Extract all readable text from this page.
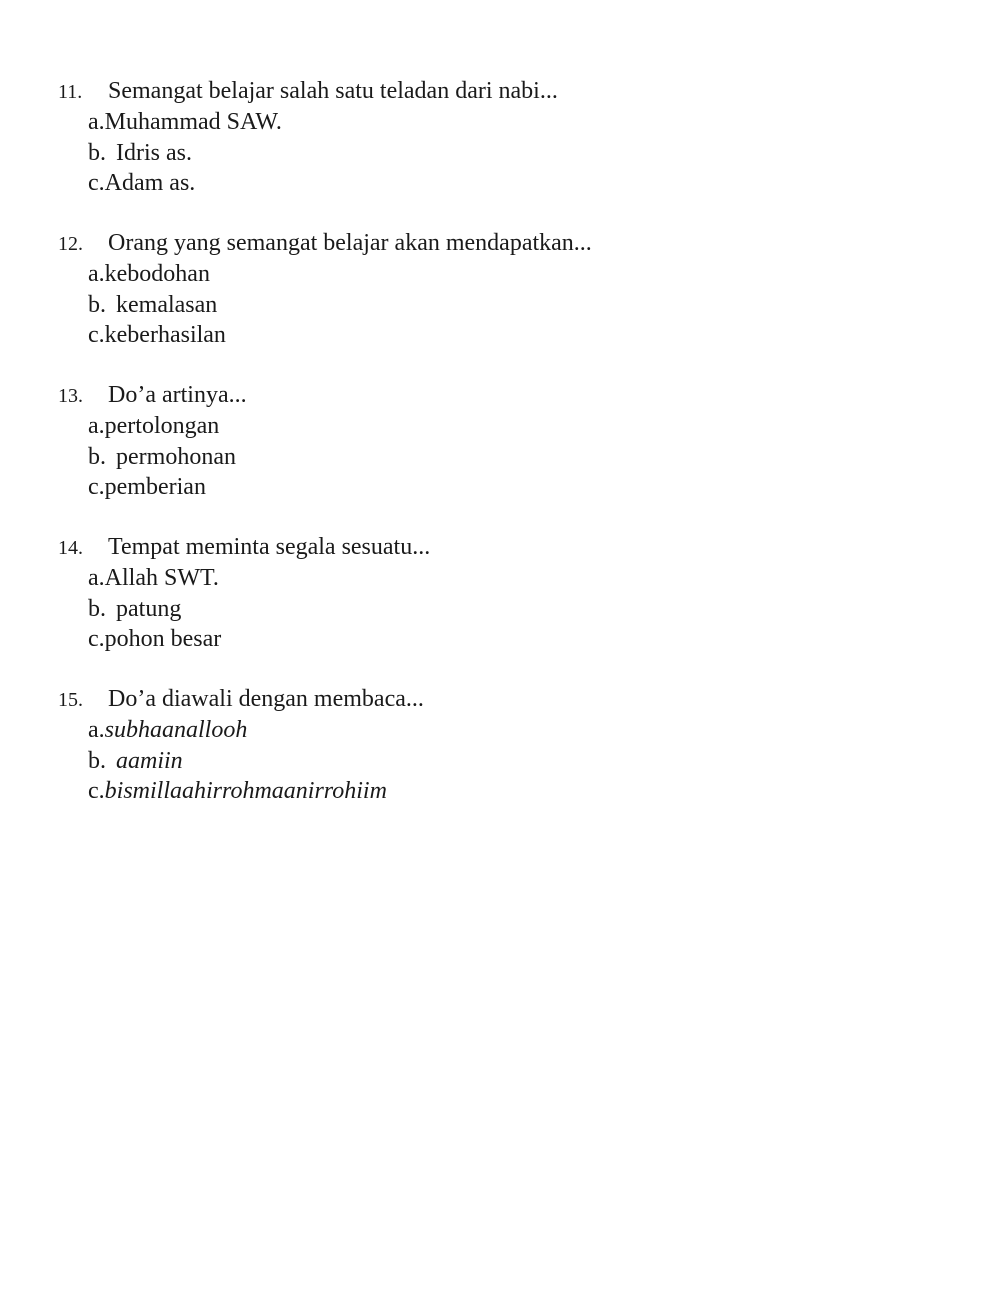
11. Semangat belajar salah satu teladan dari nabi...
a.Muhammad SAW.
b. Idris as.
c.Adam as.
12. Orang yang semangat belajar akan mendapatkan...
a.kebodohan
b. kemalasan
c.keberhasilan
13. Do’a artinya...
a.pertolongan
b. permohonan
c.pemberian
14. Tempat meminta segala sesuatu...
a.Allah SWT.
b. patung
c.pohon besar
15. Do’a diawali dengan membaca...
a.subhaanallooh
b. aamiin
c.bismillaahirrohmaanirrohiim
